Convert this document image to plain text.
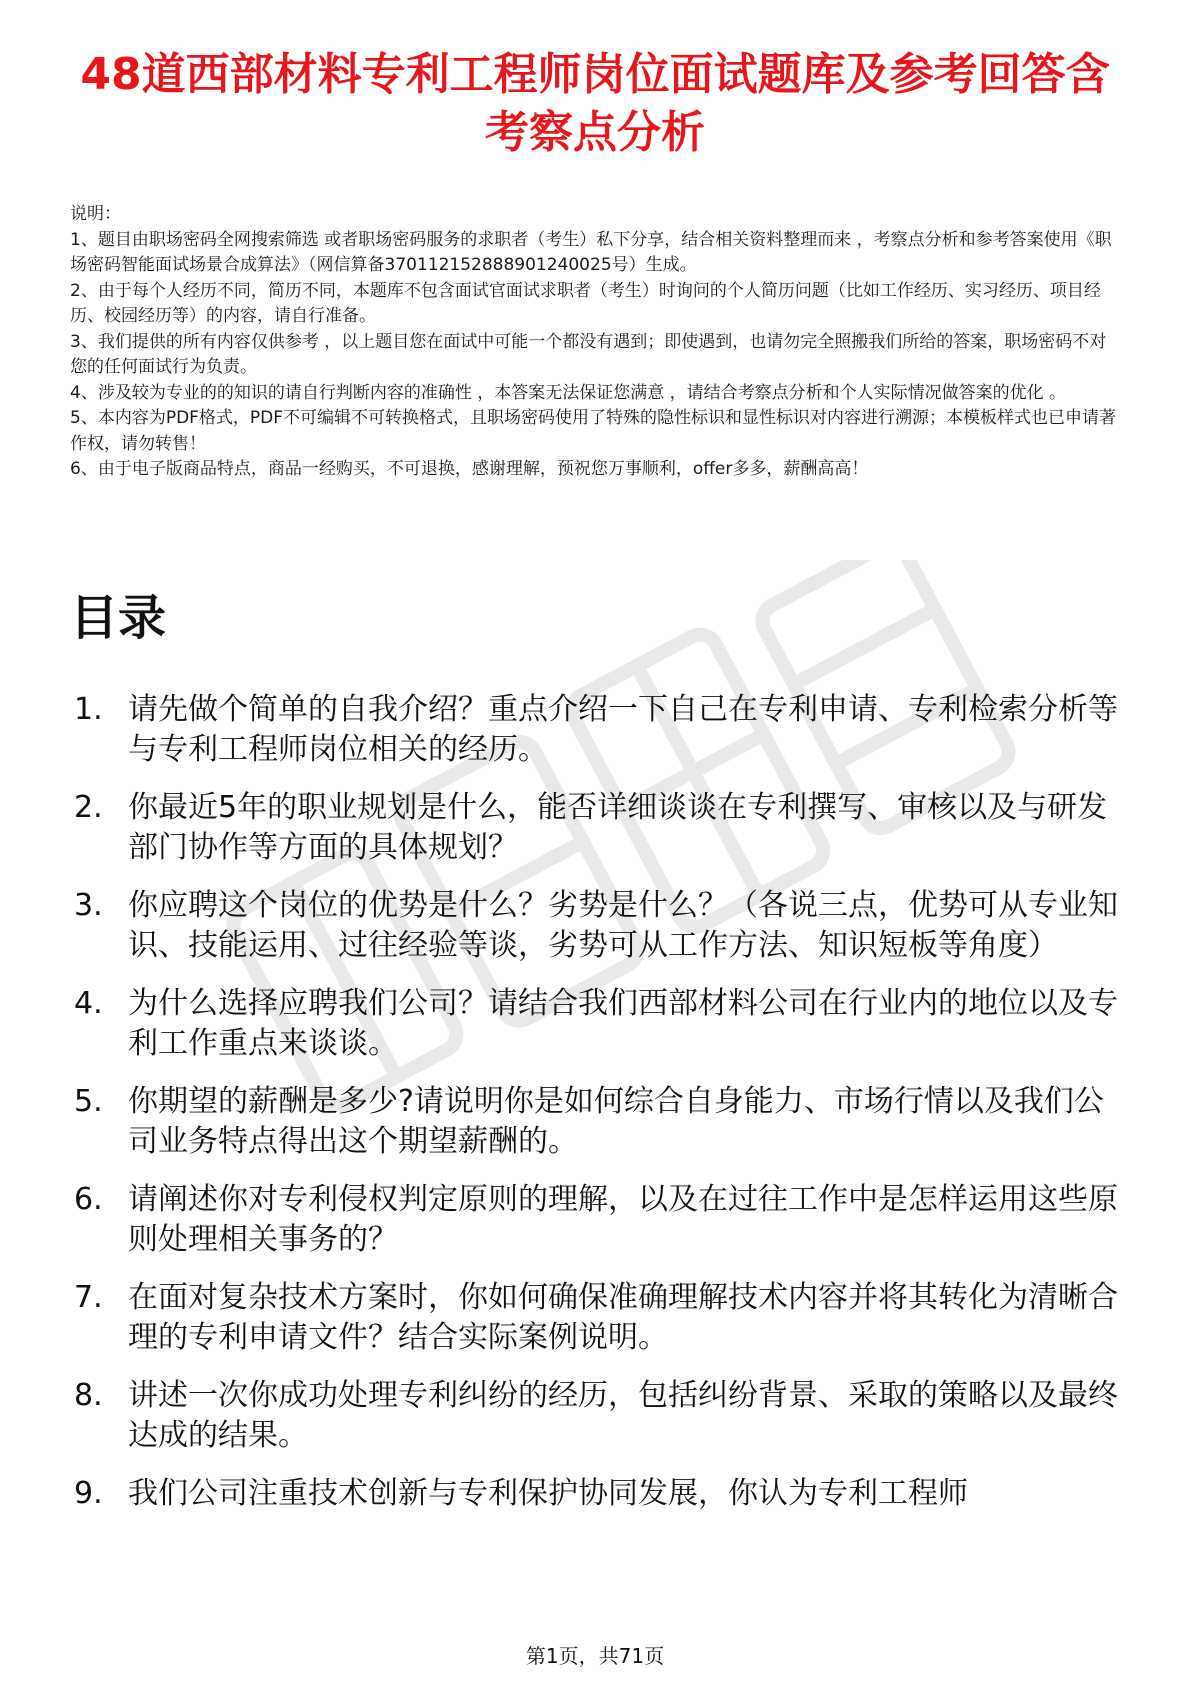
48道西部材料专利工程师岗位面试题库及参考回答含考察点分析

说明：

1、题目由职场密码全网搜索筛选 或者职场密码服务的求职者（考生）私下分享，结合相关资料整理而来 ，考察点分析和参考答案使用《职场密码智能面试场景合成算法》（网信算备370112152888901240025号）生成。

2、由于每个人经历不同，简历不同，本题库不包含面试官面试求职者（考生）时询问的个人简历问题（比如工作经历、实习经历、项目经历、校园经历等）的内容，请自行准备。

3、我们提供的所有内容仅供参考 ，以上题目您在面试中可能一个都没有遇到；即使遇到，也请勿完全照搬我们所给的答案，职场密码不对您的任何面试行为负责。

4、涉及较为专业的的知识的请自行判断内容的准确性 ，本答案无法保证您满意 ，请结合考察点分析和个人实际情况做答案的优化 。

5、本内容为PDF格式，PDF不可编辑不可转换格式，且职场密码使用了特殊的隐性标识和显性标识对内容进行溯源；本模板样式也已申请著作权，请勿转售！

6、由于电子版商品特点，商品一经购买，不可退换，感谢理解，预祝您万事顺利，offer多多，薪酬高高！

目录
1. 请先做个简单的自我介绍？重点介绍一下自己在专利申请、专利检索分析等与专利工程师岗位相关的经历。
2. 你最近5年的职业规划是什么，能否详细谈谈在专利撰写、审核以及与研发部门协作等方面的具体规划？
3. 你应聘这个岗位的优势是什么？劣势是什么？（各说三点，优势可从专业知识、技能运用、过往经验等谈，劣势可从工作方法、知识短板等角度）
4. 为什么选择应聘我们公司？请结合我们西部材料公司在行业内的地位以及专利工作重点来谈谈。
5. 你期望的薪酬是多少?请说明你是如何综合自身能力、市场行情以及我们公司业务特点得出这个期望薪酬的。
6. 请阐述你对专利侵权判定原则的理解，以及在过往工作中是怎样运用这些原则处理相关事务的？
7. 在面对复杂技术方案时，你如何确保准确理解技术内容并将其转化为清晰合理的专利申请文件？结合实际案例说明。
8. 讲述一次你成功处理专利纠纷的经历，包括纠纷背景、采取的策略以及最终达成的结果。
9. 我们公司注重技术创新与专利保护协同发展，你认为专利工程师
第1页，共71页
